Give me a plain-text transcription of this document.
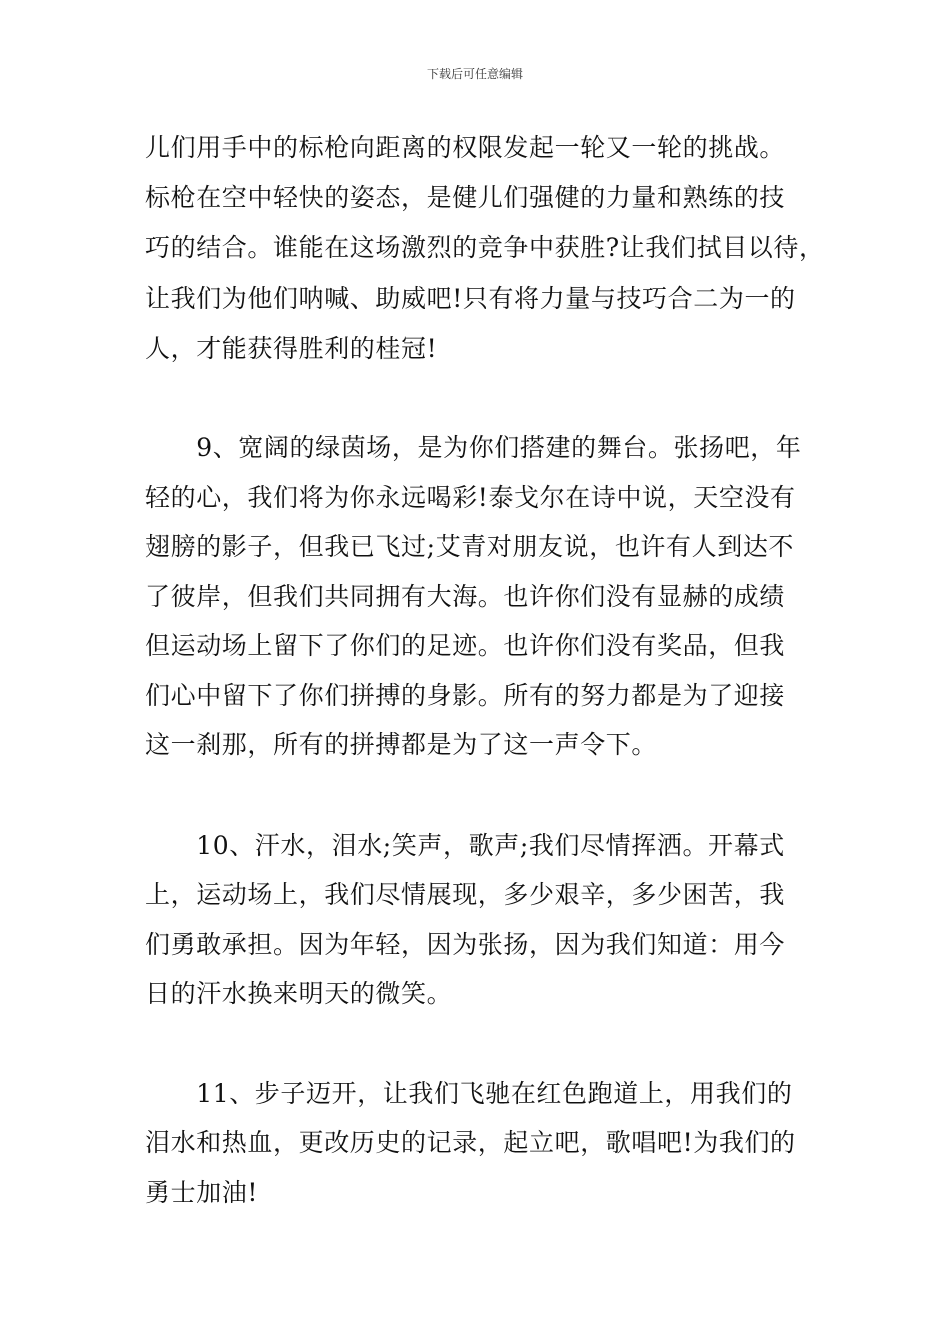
下载后可任意编辑
儿们用手中的标枪向距离的权限发起一轮又一轮的挑战。
标枪在空中轻快的姿态，是健儿们强健的力量和熟练的技
巧的结合。谁能在这场激烈的竞争中获胜?让我们拭目以待，
让我们为他们呐喊、助威吧!只有将力量与技巧合二为一的
人，才能获得胜利的桂冠!
　　9、宽阔的绿茵场，是为你们搭建的舞台。张扬吧，年
轻的心，我们将为你永远喝彩!泰戈尔在诗中说，天空没有
翅膀的影子，但我已飞过;艾青对朋友说，也许有人到达不
了彼岸，但我们共同拥有大海。也许你们没有显赫的成绩
但运动场上留下了你们的足迹。也许你们没有奖品，但我
们心中留下了你们拼搏的身影。所有的努力都是为了迎接
这一刹那，所有的拼搏都是为了这一声令下。
　　10、汗水，泪水;笑声，歌声;我们尽情挥洒。开幕式
上，运动场上，我们尽情展现，多少艰辛，多少困苦，我
们勇敢承担。因为年轻，因为张扬，因为我们知道：用今
日的汗水换来明天的微笑。
　　11、步子迈开，让我们飞驰在红色跑道上，用我们的
泪水和热血，更改历史的记录，起立吧，歌唱吧!为我们的
勇士加油!
